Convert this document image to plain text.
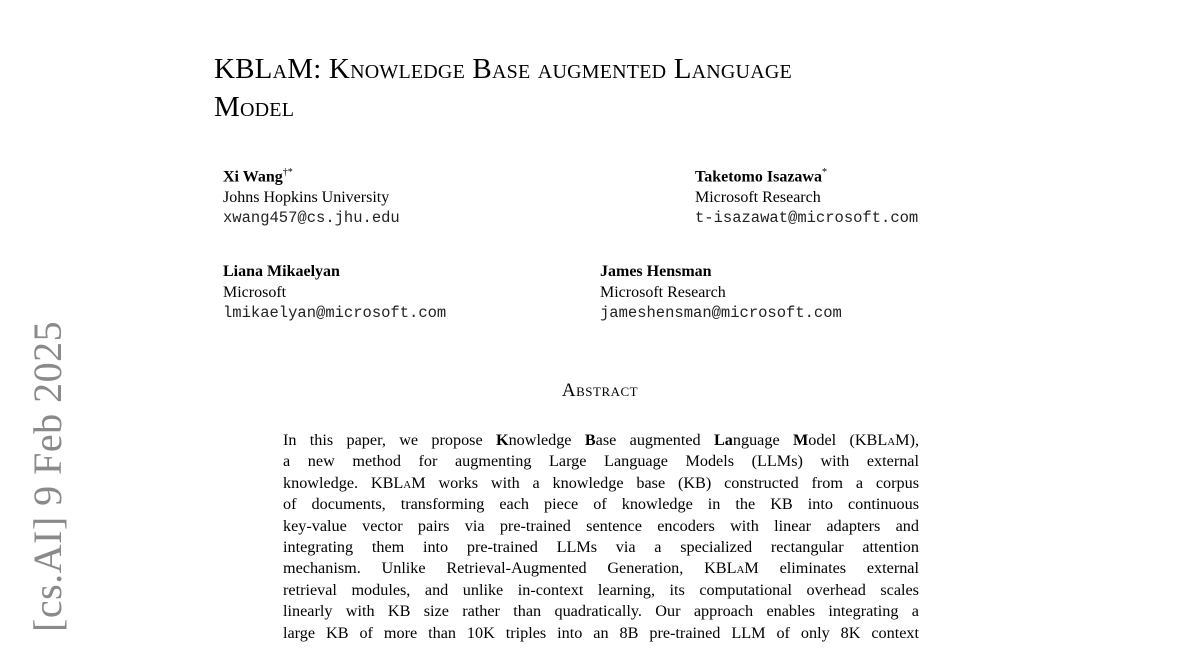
KBLaM: Knowledge Base augmented Language
Model
Xi Wang†*
Johns Hopkins University
xwang457@cs.jhu.edu
Taketomo Isazawa*
Microsoft Research
t-isazawat@microsoft.com
Liana Mikaelyan
Microsoft
lmikaelyan@microsoft.com
James Hensman
Microsoft Research
jameshensman@microsoft.com
Abstract
In this paper, we propose Knowledge Base augmented Language Model (KBLaM),
a new method for augmenting Large Language Models (LLMs) with external
knowledge. KBLaM works with a knowledge base (KB) constructed from a corpus
of documents, transforming each piece of knowledge in the KB into continuous
key-value vector pairs via pre-trained sentence encoders with linear adapters and
integrating them into pre-trained LLMs via a specialized rectangular attention
mechanism. Unlike Retrieval-Augmented Generation, KBLaM eliminates external
retrieval modules, and unlike in-context learning, its computational overhead scales
linearly with KB size rather than quadratically. Our approach enables integrating a
large KB of more than 10K triples into an 8B pre-trained LLM of only 8K context
[cs.AI] 9 Feb 2025
